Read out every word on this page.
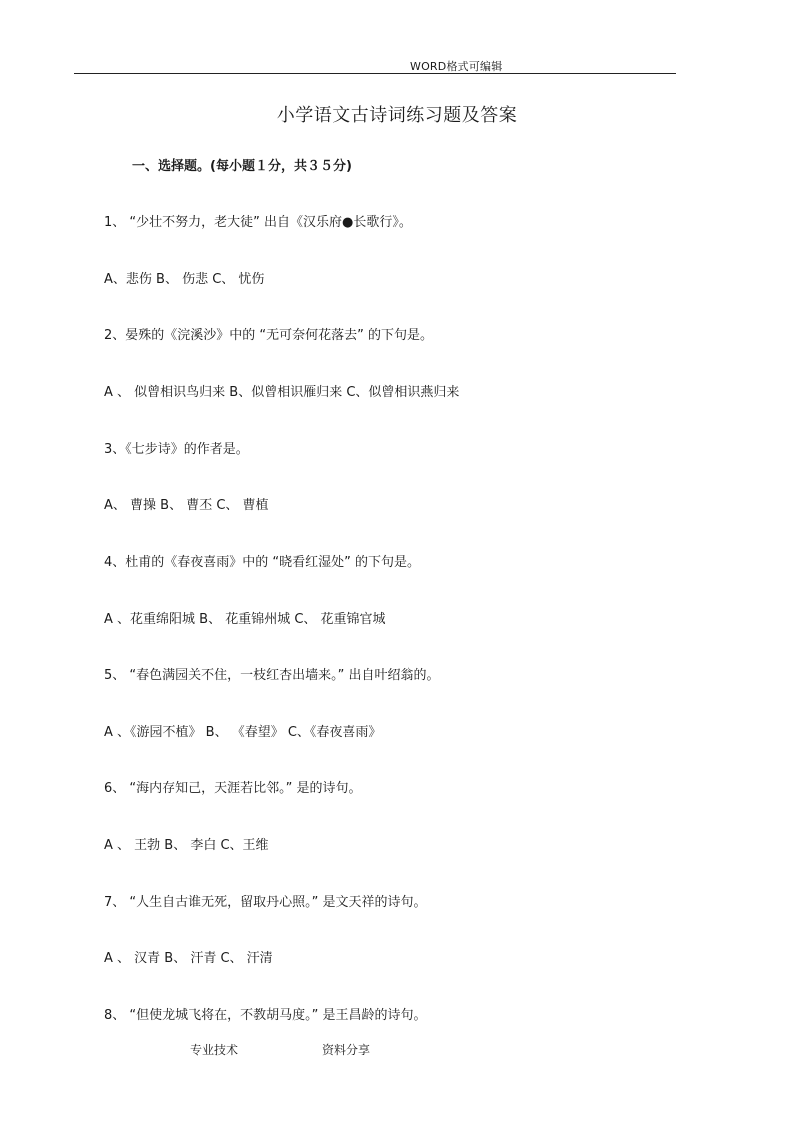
WORD格式可编辑
小学语文古诗词练习题及答案
一、选择题。(每小题１分，共３５分)
1、 “少壮不努力，老大徒” 出自《汉乐府●长歌行》。
A、悲伤 B、 伤悲 C、 忧伤
2、晏殊的《浣溪沙》中的 “无可奈何花落去” 的下句是。
A 、 似曾相识鸟归来 B、似曾相识雁归来 C、似曾相识燕归来
3、《七步诗》的作者是。
A、 曹操 B、 曹丕 C、 曹植
4、杜甫的《春夜喜雨》中的 “晓看红湿处” 的下句是。
A 、花重绵阳城 B、 花重锦州城 C、 花重锦官城
5、 “春色满园关不住，一枝红杏出墙来。” 出自叶绍翁的。
A 、《游园不植》 B、 《春望》 C、《春夜喜雨》
6、 “海内存知己，天涯若比邻。” 是的诗句。
A 、 王勃 B、 李白 C、王维
7、 “人生自古谁无死，留取丹心照。” 是文天祥的诗句。
A 、 汉青 B、 汗青 C、 汗清
8、 “但使龙城飞将在，不教胡马度。” 是王昌龄的诗句。
专业技术	资料分享
